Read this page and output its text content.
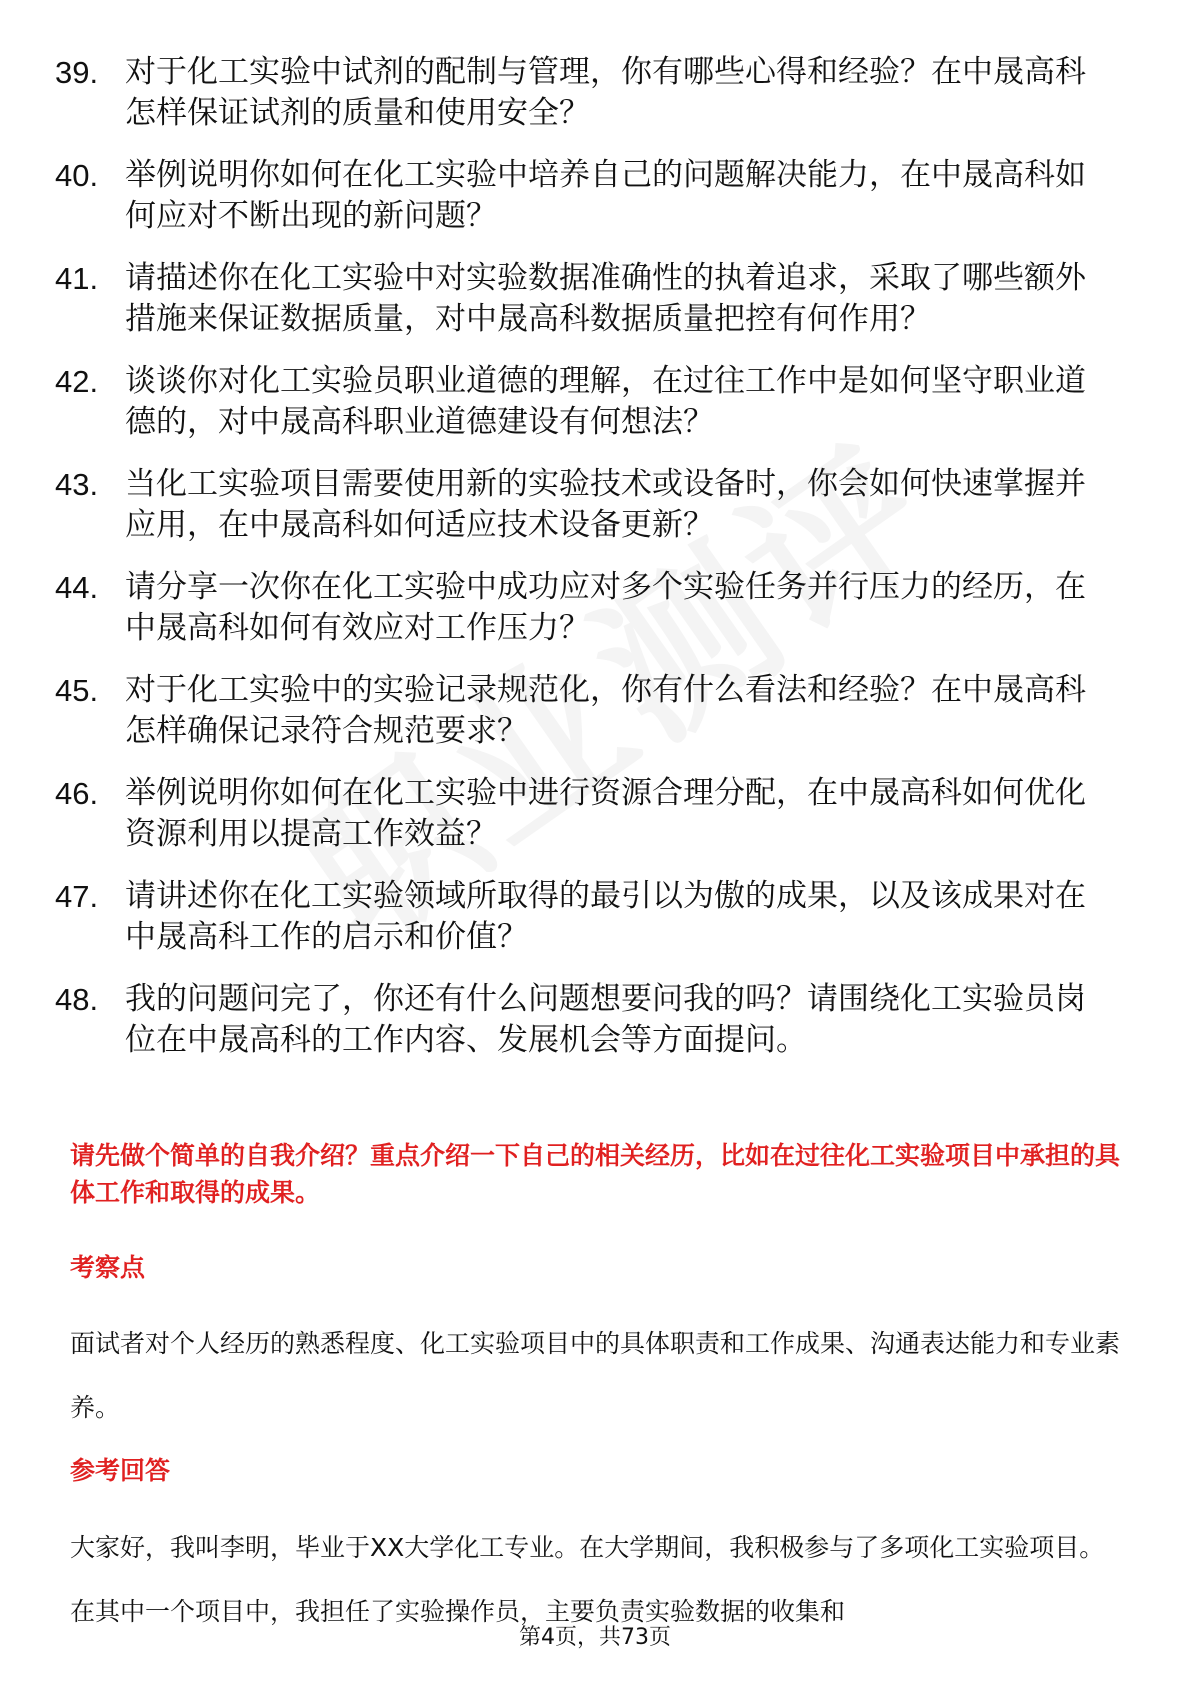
39. 对于化工实验中试剂的配制与管理，你有哪些心得和经验？在中晟高科怎样保证试剂的质量和使用安全？
40. 举例说明你如何在化工实验中培养自己的问题解决能力，在中晟高科如何应对不断出现的新问题？
41. 请描述你在化工实验中对实验数据准确性的执着追求，采取了哪些额外措施来保证数据质量，对中晟高科数据质量把控有何作用？
42. 谈谈你对化工实验员职业道德的理解，在过往工作中是如何坚守职业道德的，对中晟高科职业道德建设有何想法？
43. 当化工实验项目需要使用新的实验技术或设备时，你会如何快速掌握并应用，在中晟高科如何适应技术设备更新？
44. 请分享一次你在化工实验中成功应对多个实验任务并行压力的经历，在中晟高科如何有效应对工作压力？
45. 对于化工实验中的实验记录规范化，你有什么看法和经验？在中晟高科怎样确保记录符合规范要求？
46. 举例说明你如何在化工实验中进行资源合理分配，在中晟高科如何优化资源利用以提高工作效益？
47. 请讲述你在化工实验领域所取得的最引以为傲的成果，以及该成果对在中晟高科工作的启示和价值？
48. 我的问题问完了，你还有什么问题想要问我的吗？请围绕化工实验员岗位在中晟高科的工作内容、发展机会等方面提问。
请先做个简单的自我介绍？重点介绍一下自己的相关经历，比如在过往化工实验项目中承担的具体工作和取得的成果。
考察点
面试者对个人经历的熟悉程度、化工实验项目中的具体职责和工作成果、沟通表达能力和专业素养。
参考回答
大家好，我叫李明，毕业于XX大学化工专业。在大学期间，我积极参与了多项化工实验项目。在其中一个项目中，我担任了实验操作员，主要负责实验数据的收集和
第4页，共73页
